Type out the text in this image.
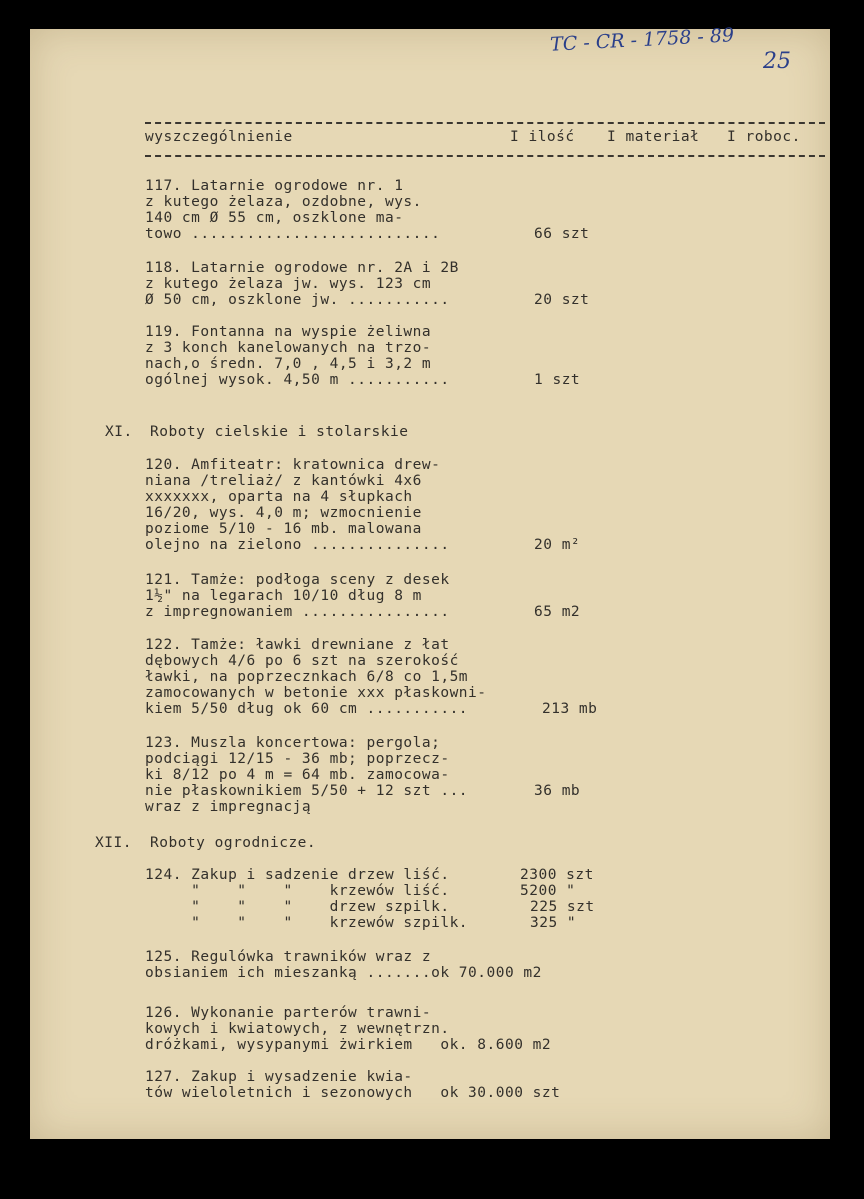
TC - CR - 1758 - 89
25
wyszczególnienie	I ilość I materiał I roboc.
117. Latarnie ogrodowe nr. 1
z kutego żelaza, ozdobne, wys.
140 cm Ø 55 cm, oszklone ma-
towo ...........................	66 szt
118. Latarnie ogrodowe nr. 2A i 2B
z kutego żelaza jw. wys. 123 cm
Ø 50 cm, oszklone jw. ...........	20 szt
119. Fontanna na wyspie żeliwna
z 3 konch kanelowanych na trzo-
nach,o średn. 7,0 , 4,5 i 3,2 m
ogólnej wysok. 4,50 m ...........	1 szt
XI. Roboty cielskie i stolarskie
120. Amfiteatr: kratownica drew-
niana /treliaż/ z kantówki 4x6
xxxxxxx, oparta na 4 słupkach
16/20, wys. 4,0 m; wzmocnienie
poziome 5/10 - 16 mb. malowana
olejno na zielono ...............	20 m²
121. Tamże: podłoga sceny z desek
1½" na legarach 10/10 dług 8 m
z impregnowaniem ................	65 m2
122. Tamże: ławki drewniane z łat
dębowych 4/6 po 6 szt na szerokość
ławki, na poprzecznkach 6/8 co 1,5m
zamocowanych w betonie xxx płaskowni-
kiem 5/50 dług ok 60 cm ...........	213 mb
123. Muszla koncertowa: pergola;
podciągi 12/15 - 36 mb; poprzecz-
ki 8/12 po 4 m = 64 mb. zamocowa-
nie płaskownikiem 5/50 + 12 szt ...	36 mb
wraz z impregnacją
XII. Roboty ogrodnicze.
124. Zakup i sadzenie drzew liść.	2300 szt
"    "    "    krzewów liść.	5200 "
"    "    "    drzew szpilk.	225 szt
"    "    "    krzewów szpilk.	325 "
125. Regulówka trawników wraz z
obsianiem ich mieszanką .......ok 70.000 m2
126. Wykonanie parterów trawni-
kowych i kwiatowych, z wewnętrzn.
dróżkami, wysypanymi żwirkiem   ok. 8.600 m2
127. Zakup i wysadzenie kwia-
tów wieloletnich i sezonowych   ok 30.000 szt
